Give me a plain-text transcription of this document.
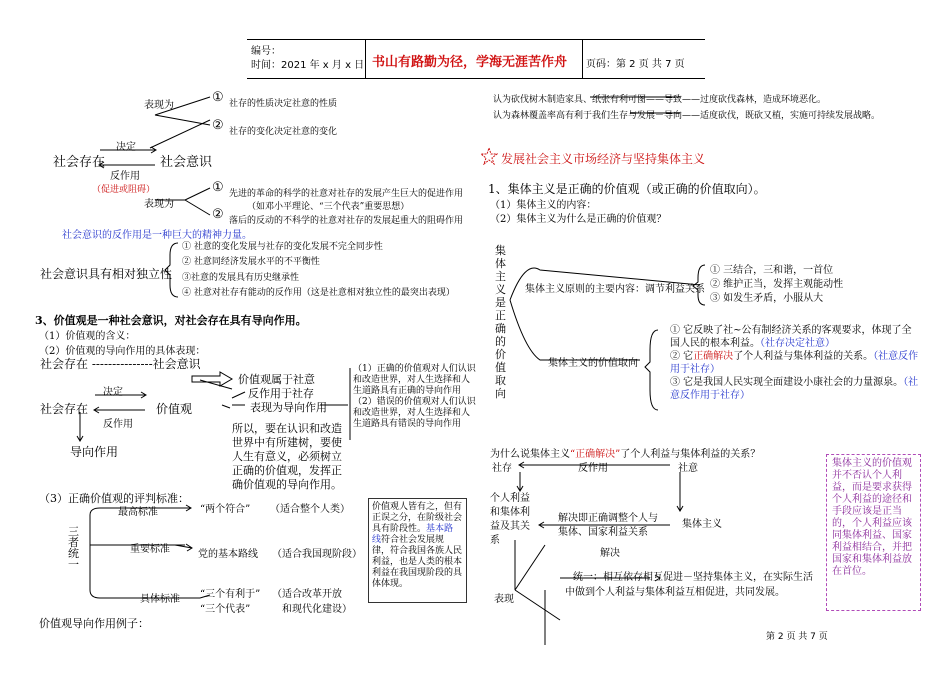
编号：
时间：2021 年 x 月 x 日 书山有路勤为径，学海无涯苦作舟 页码：第 2 页 共 7 页
表现为
① 社存的性质决定社意的性质
② 社存的变化决定社意的变化
决定
社会存在	社会意识
反作用
（促进或阻碍）
表现为
① 先进的革命的科学的社意对社存的发展产生巨大的促进作用
（如邓小平理论、“三个代表”重要思想）
② 落后的反动的不科学的社意对社存的发展起重大的阻碍作用
社会意识的反作用是一种巨大的精神力量。
社会意识具有相对独立性
① 社意的变化发展与社存的变化发展不完全同步性
② 社意同经济发展水平的不平衡性
③社意的发展具有历史继承性
④ 社意对社存有能动的反作用（这是社意相对独立性的最突出表现）
3、价值观是一种社会意识，对社会存在具有导向作用。
（1）价值观的含义：
（2）价值观的导向作用的具体表现：
社会存在 ---------------社会意识
价值观属于社意
反作用于社存
表现为导向作用
决定
社会存在	价值观
反作用
导向作用
（1）正确的价值观对人们认识和改造世界，对人生选择和人生道路具有正确的导向作用
（2）错误的价值观对人们认识和改造世界，对人生选择和人生道路具有错误的导向作用
所以，要在认识和改造世界中有所建树，要使人生有意义，必须树立正确的价值观，发挥正确价值观的导向作用。
（3）正确价值观的评判标准：
三
者
统
一
最高标准	“两个符合” （适合整个人类）
重要标准	党的基本路线 （适合我国现阶段）
具体标准 “三个有利于” （适合改革开放
“三个代表”	和现代化建设）
价值观人皆有之，但有正误之分，在阶级社会具有阶段性。基本路线符合社会发展规律，符合我国各族人民利益，也是人类的根本利益在我国现阶段的具体体现。
价值观导向作用例子：
认为砍伐树木制造家具、纸张有利可图——导致——过度砍伐森林，造成环境恶化。
认为森林覆盖率高有利于我们生存与发展－导向——适度砍伐，既砍又植，实施可持续发展战略。
发展社会主义市场经济与坚持集体主义
1、集体主义是正确的价值观（或正确的价值取向）。
（1）集体主义的内容：
（2）集体主义为什么是正确的价值观？
集
体
主
义
是
正
确
的
价
值
取
向
集体主义原则的主要内容：调节利益关系
① 三结合，三和谐，一首位
② 维护正当，发挥主观能动性
③ 如发生矛盾，小服从大
集体主义的价值取向
① 它反映了社~公有制经济关系的客观要求，体现了全国人民的根本利益。（社存决定社意）
② 它正确解决了个人利益与集体利益的关系。（社意反作用于社存）
③ 它是我国人民实现全面建设小康社会的力量源泉。（社意反作用于社存）
为什么说集体主义“正确解决”了个人利益与集体利益的关系？
社存	反作用	社意
个人利益和集体利益及其关系
解决即正确调整个人与集体、国家利益关系
解决
集体主义
表现
统一：相互依存相互促进－坚持集体主义，在实际生活中做到个人利益与集体利益互相促进，共同发展。
集体主义的价值观并不否认个人利益，而是要求获得个人利益的途径和手段应该是正当的，个人利益应该同集体利益、国家利益相结合，并把国家和集体利益放在首位。
第 2 页 共 7 页
